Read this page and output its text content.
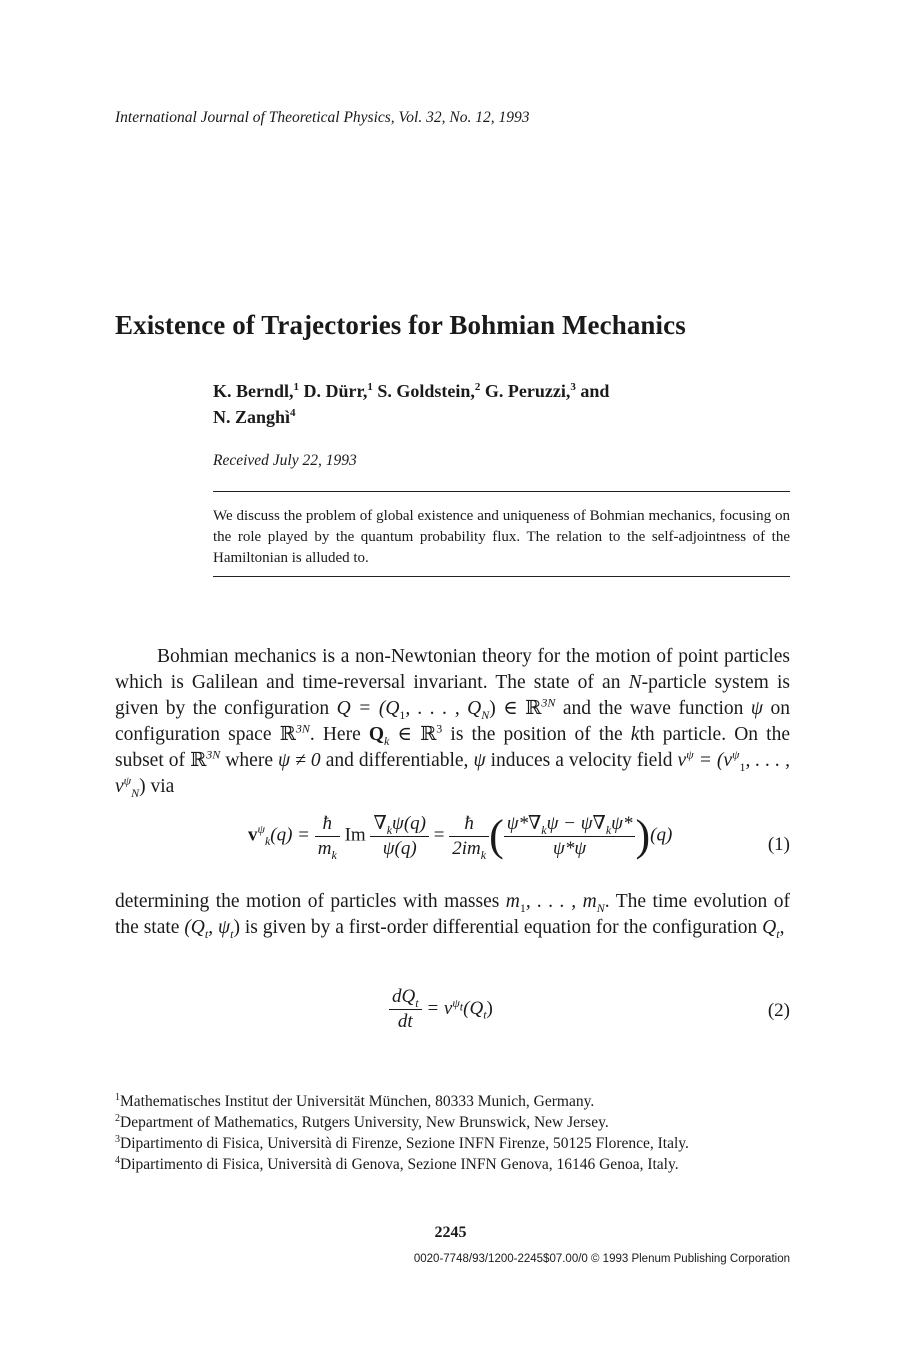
International Journal of Theoretical Physics, Vol. 32, No. 12, 1993
Existence of Trajectories for Bohmian Mechanics
K. Berndl,$^1$ D. Dürr,$^1$ S. Goldstein,$^2$ G. Peruzzi,$^3$ and
N. Zanghì$^4$
Received July 22, 1993
We discuss the problem of global existence and uniqueness of Bohmian mechanics, focusing on the role played by the quantum probability flux. The relation to the self-adjointness of the Hamiltonian is alluded to.

Bohmian mechanics is a non-Newtonian theory for the motion of point particles which is Galilean and time-reversal invariant. The state of an N-particle system is given by the configuration $Q = (Q_1$, . . . , $Q_N$) ∈ ℝ$^{3N}$ and the wave function ψ on configuration space ℝ$^{3N}$. Here $Q_k$ ∈ ℝ$^3$ is the position of the kth particle. On the subset of ℝ$^{3N}$ where ψ ≠ 0 and differentiable, ψ induces a velocity field $v^\psi = (v^\psi_1$, . . . , $v^\psi_N$) via

$v^\psi_k(q) = \frac{ħ}{m_k}$ Im $\frac{\nabla_k\psi(q)}{\psi(q)} = \frac{ħ}{2im_k}$ ( $\frac{\psi*\nabla_k\psi - \psi\nabla_k\psi*}{\psi*\psi} )(q)$	(1)

determining the motion of particles with masses $m_1$, . . . , $m_N$. The time evolution of the state ($Q_t$, $\psi_t$) is given by a first-order differential equation for the configuration $Q_t$,

$\frac{dQ_t}{dt} = v^{\psi_t}(Q_t)$	(2)

$^1$Mathematisches Institut der Universität München, 80333 Munich, Germany.

$^2$Department of Mathematics, Rutgers University, New Brunswick, New Jersey.

$^3$Dipartimento di Fisica, Università di Firenze, Sezione INFN Firenze, 50125 Florence, Italy.

$^4$Dipartimento di Fisica, Università di Genova, Sezione INFN Genova, 16146 Genoa, Italy.

2245
0020-7748/93/1200-2245$07.00/0 © 1993 Plenum Publishing Corporation
